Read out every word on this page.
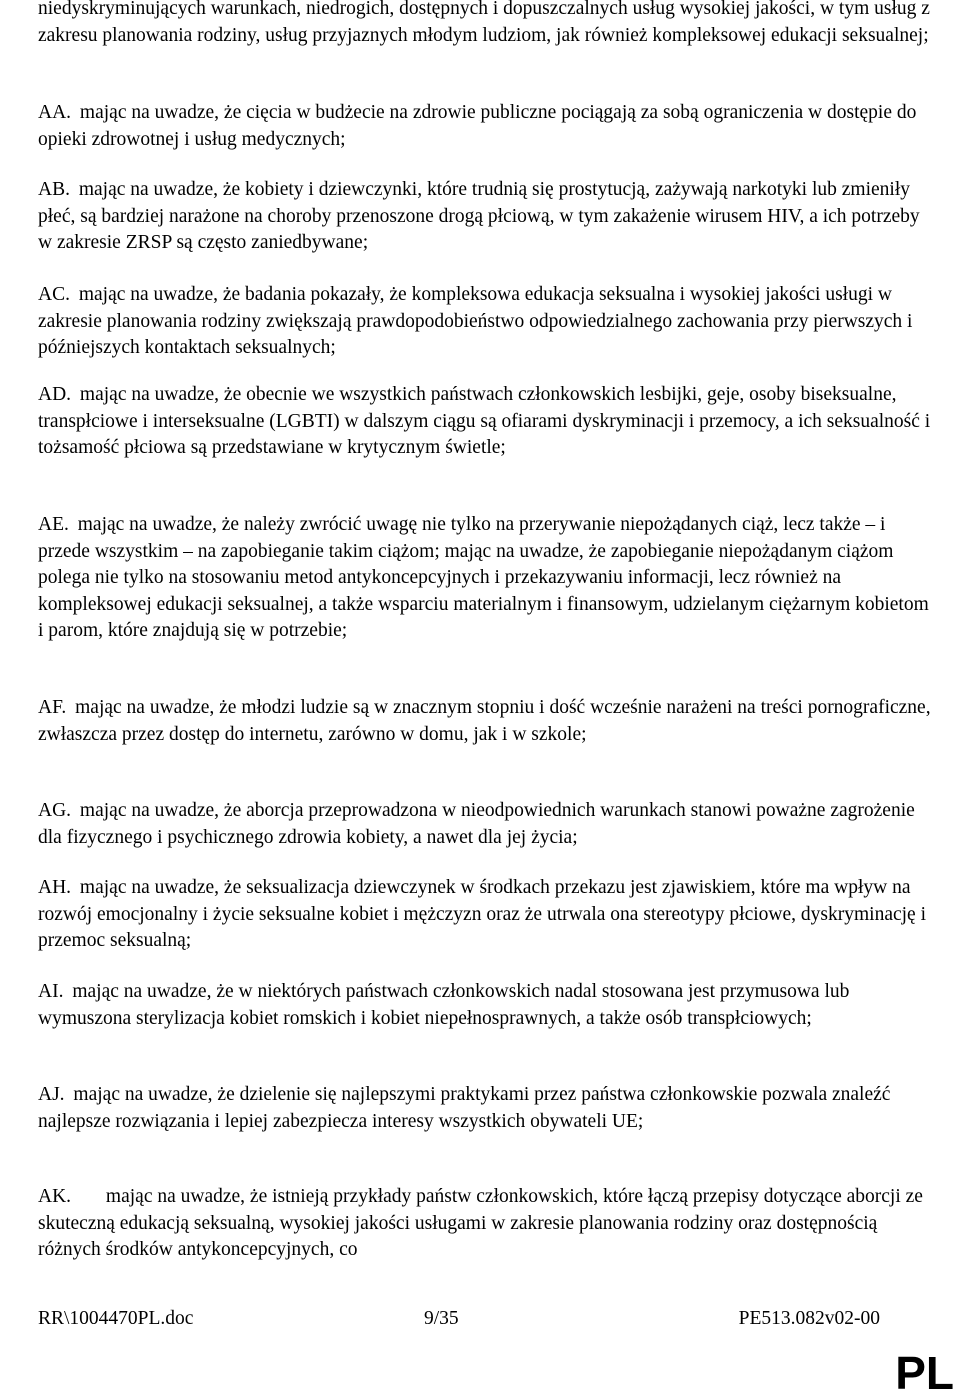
niedyskryminujących warunkach, niedrogich, dostępnych i dopuszczalnych usług wysokiej jakości, w tym usług z zakresu planowania rodziny, usług przyjaznych młodym ludziom, jak również kompleksowej edukacji seksualnej;

AA. mając na uwadze, że cięcia w budżecie na zdrowie publiczne pociągają za sobą ograniczenia w dostępie do opieki zdrowotnej i usług medycznych;

AB. mając na uwadze, że kobiety i dziewczynki, które trudnią się prostytucją, zażywają narkotyki lub zmieniły płeć, są bardziej narażone na choroby przenoszone drogą płciową, w tym zakażenie wirusem HIV, a ich potrzeby w zakresie ZRSP są często zaniedbywane;

AC. mając na uwadze, że badania pokazały, że kompleksowa edukacja seksualna i wysokiej jakości usługi w zakresie planowania rodziny zwiększają prawdopodobieństwo odpowiedzialnego zachowania przy pierwszych i późniejszych kontaktach seksualnych;

AD. mając na uwadze, że obecnie we wszystkich państwach członkowskich lesbijki, geje, osoby biseksualne, transpłciowe i interseksualne (LGBTI) w dalszym ciągu są ofiarami dyskryminacji i przemocy, a ich seksualność i tożsamość płciowa są przedstawiane w krytycznym świetle;

AE. mając na uwadze, że należy zwrócić uwagę nie tylko na przerywanie niepożądanych ciąż, lecz także – i przede wszystkim – na zapobieganie takim ciążom; mając na uwadze, że zapobieganie niepożądanym ciążom polega nie tylko na stosowaniu metod antykoncepcyjnych i przekazywaniu informacji, lecz również na kompleksowej edukacji seksualnej, a także wsparciu materialnym i finansowym, udzielanym ciężarnym kobietom i parom, które znajdują się w potrzebie;

AF. mając na uwadze, że młodzi ludzie są w znacznym stopniu i dość wcześnie narażeni na treści pornograficzne, zwłaszcza przez dostęp do internetu, zarówno w domu, jak i w szkole;

AG. mając na uwadze, że aborcja przeprowadzona w nieodpowiednich warunkach stanowi poważne zagrożenie dla fizycznego i psychicznego zdrowia kobiety, a nawet dla jej życia;

AH. mając na uwadze, że seksualizacja dziewczynek w środkach przekazu jest zjawiskiem, które ma wpływ na rozwój emocjonalny i życie seksualne kobiet i mężczyzn oraz że utrwala ona stereotypy płciowe, dyskryminację i przemoc seksualną;

AI. mając na uwadze, że w niektórych państwach członkowskich nadal stosowana jest przymusowa lub wymuszona sterylizacja kobiet romskich i kobiet niepełnosprawnych, a także osób transpłciowych;

AJ. mając na uwadze, że dzielenie się najlepszymi praktykami przez państwa członkowskie pozwala znaleźć najlepsze rozwiązania i lepiej zabezpiecza interesy wszystkich obywateli UE;

AK. mając na uwadze, że istnieją przykłady państw członkowskich, które łączą przepisy dotyczące aborcji ze skuteczną edukacją seksualną, wysokiej jakości usługami w zakresie planowania rodziny oraz dostępnością różnych środków antykoncepcyjnych, co

RR\1004470PL.doc	9/35	PE513.082v02-00
PL
